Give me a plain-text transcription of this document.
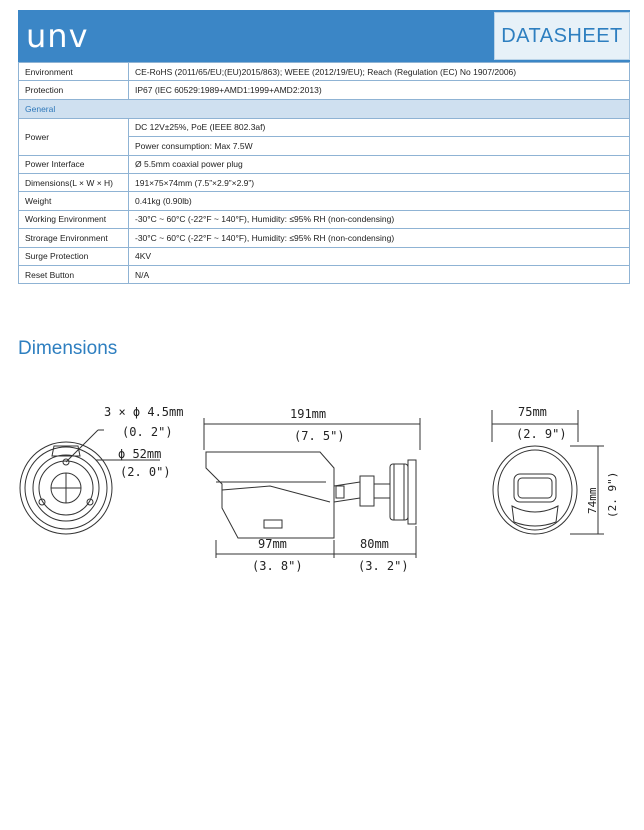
unv	DATASHEET
Environment	CE-RoHS (2011/65/EU;(EU)2015/863); WEEE (2012/19/EU); Reach (Regulation (EC) No 1907/2006)
Protection	IP67 (IEC 60529:1989+AMD1:1999+AMD2:2013)
General	
Power	DC 12V±25%, PoE (IEEE 802.3af)
	Power consumption: Max 7.5W
Power Interface	Ø 5.5mm coaxial power plug
Dimensions(L × W × H)	191×75×74mm (7.5”×2.9”×2.9”)
Weight	0.41kg (0.90lb)
Working Environment	-30°C ~ 60°C (-22°F ~ 140°F), Humidity: ≤95% RH (non-condensing)
Strorage Environment	-30°C ~ 60°C (-22°F ~ 140°F), Humidity: ≤95% RH (non-condensing)
Surge Protection	4KV
Reset Button	N/A
Dimensions
3 × ϕ 4.5mm
(0. 2")
ϕ 52mm
(2. 0")
191mm
(7. 5")
97mm
(3. 8")
80mm
(3. 2")
75mm
(2. 9")
74mm (2. 9")
